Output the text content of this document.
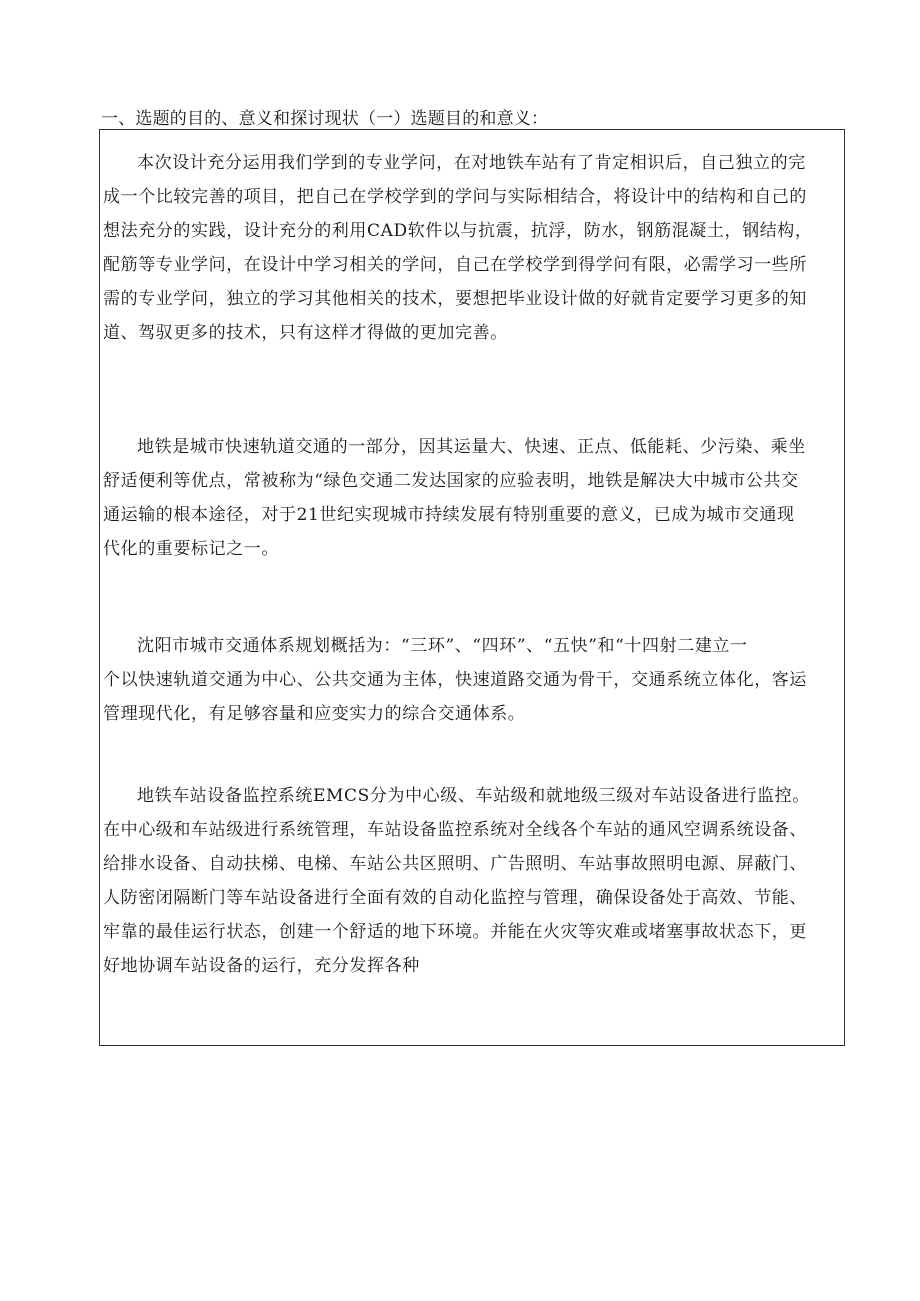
一、选题的目的、意义和探讨现状（一）选题目的和意义：
本次设计充分运用我们学到的专业学问，在对地铁车站有了肯定相识后，自己独立的完
成一个比较完善的项目，把自己在学校学到的学问与实际相结合，将设计中的结构和自己的
想法充分的实践，设计充分的利用CAD软件以与抗震，抗浮，防水，钢筋混凝土，钢结构，
配筋等专业学问，在设计中学习相关的学问，自己在学校学到得学问有限，必需学习一些所
需的专业学问，独立的学习其他相关的技术，要想把毕业设计做的好就肯定要学习更多的知
道、驾驭更多的技术，只有这样才得做的更加完善。
地铁是城市快速轨道交通的一部分，因其运量大、快速、正点、低能耗、少污染、乘坐
舒适便利等优点，常被称为“绿色交通二发达国家的应验表明，地铁是解决大中城市公共交
通运输的根本途径，对于21世纪实现城市持续发展有特别重要的意义，已成为城市交通现
代化的重要标记之一。
沈阳市城市交通体系规划概括为：“三环”、“四环”、“五快”和“十四射二建立一
个以快速轨道交通为中心、公共交通为主体，快速道路交通为骨干，交通系统立体化，客运
管理现代化，有足够容量和应变实力的综合交通体系。
地铁车站设备监控系统EMCS分为中心级、车站级和就地级三级对车站设备进行监控。
在中心级和车站级进行系统管理，车站设备监控系统对全线各个车站的通风空调系统设备、
给排水设备、自动扶梯、电梯、车站公共区照明、广告照明、车站事故照明电源、屏蔽门、
人防密闭隔断门等车站设备进行全面有效的自动化监控与管理，确保设备处于高效、节能、
牢靠的最佳运行状态，创建一个舒适的地下环境。并能在火灾等灾难或堵塞事故状态下，更
好地协调车站设备的运行，充分发挥各种
